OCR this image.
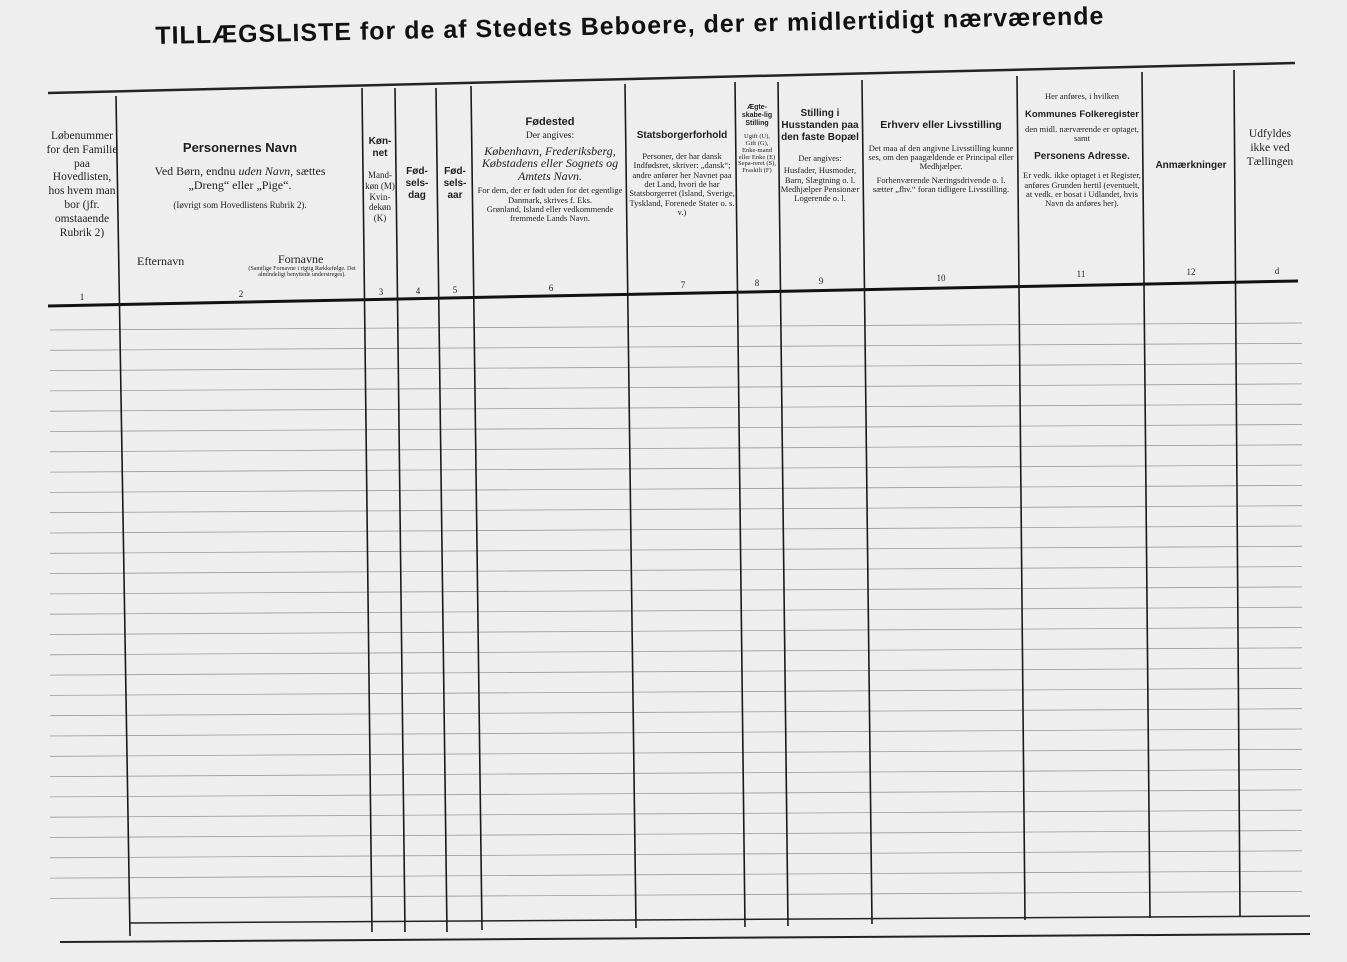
TILLÆGSLISTE for de af Stedets Beboere, der er midlertidigt nærværende
Løbenummer for den Familie paa Hovedlisten, hos hvem man bor (jfr. omstaaende Rubrik 2)
1
Personernes Navn
Ved Børn, endnu uden Navn, sættes
„Dreng“ eller „Pige“.
(Iøvrigt som Hovedlistens Rubrik 2).
Efternavn	Fornavne
(Samtlige Fornavne i rigtig Rækkefølge. Det almindeligt benyttede understreges).
2
Køn-net
Mand-køn (M) Kvin-dekøn (K)
3
Fød-sels-dag
4
Fød-sels-aar
5
Fødested
Der angives:
København, Frederiksberg, Købstadens eller Sognets og Amtets Navn.
For dem, der er født uden for det egentlige Danmark, skrives f. Eks.
Grønland, Island eller vedkommende fremmede Lands Navn.
6
Statsborgerforhold
Personer, der har dansk Indfødsret, skriver: „dansk“; andre anfører her Navnet paa det Land, hvori de har Statsborgerret (Island, Sverige, Tyskland, Forenede Stater o. s. v.)
7
Ægte-skabe-lig Stilling
Ugift (U), Gift (G), Enke-mand eller Enke (E) Sepa-reret (S), Fraskilt (F)
8
Stilling i Husstanden paa den faste Bopæl
Der angives:
Husfader, Husmoder, Barn, Slægtning o. l. Medhjælper Pensionær Logerende o. l.
9
Erhverv eller Livsstilling
Det maa af den angivne Livsstilling kunne ses, om den paagældende er Principal eller Medhjælper.
Forhenværende Næringsdrivende o. l. sætter „fhv.“ foran tidligere Livsstilling.
10
Her anføres, i hvilken
Kommunes Folkeregister
den midl. nærværende er optaget, samt
Personens Adresse.
Er vedk. ikke optaget i et Register, anføres Grunden hertil (eventuelt, at vedk. er bosat i Udlandet, hvis Navn da anføres her).
11
Anmærkninger
12
Udfyldes ikke ved Tællingen
d
